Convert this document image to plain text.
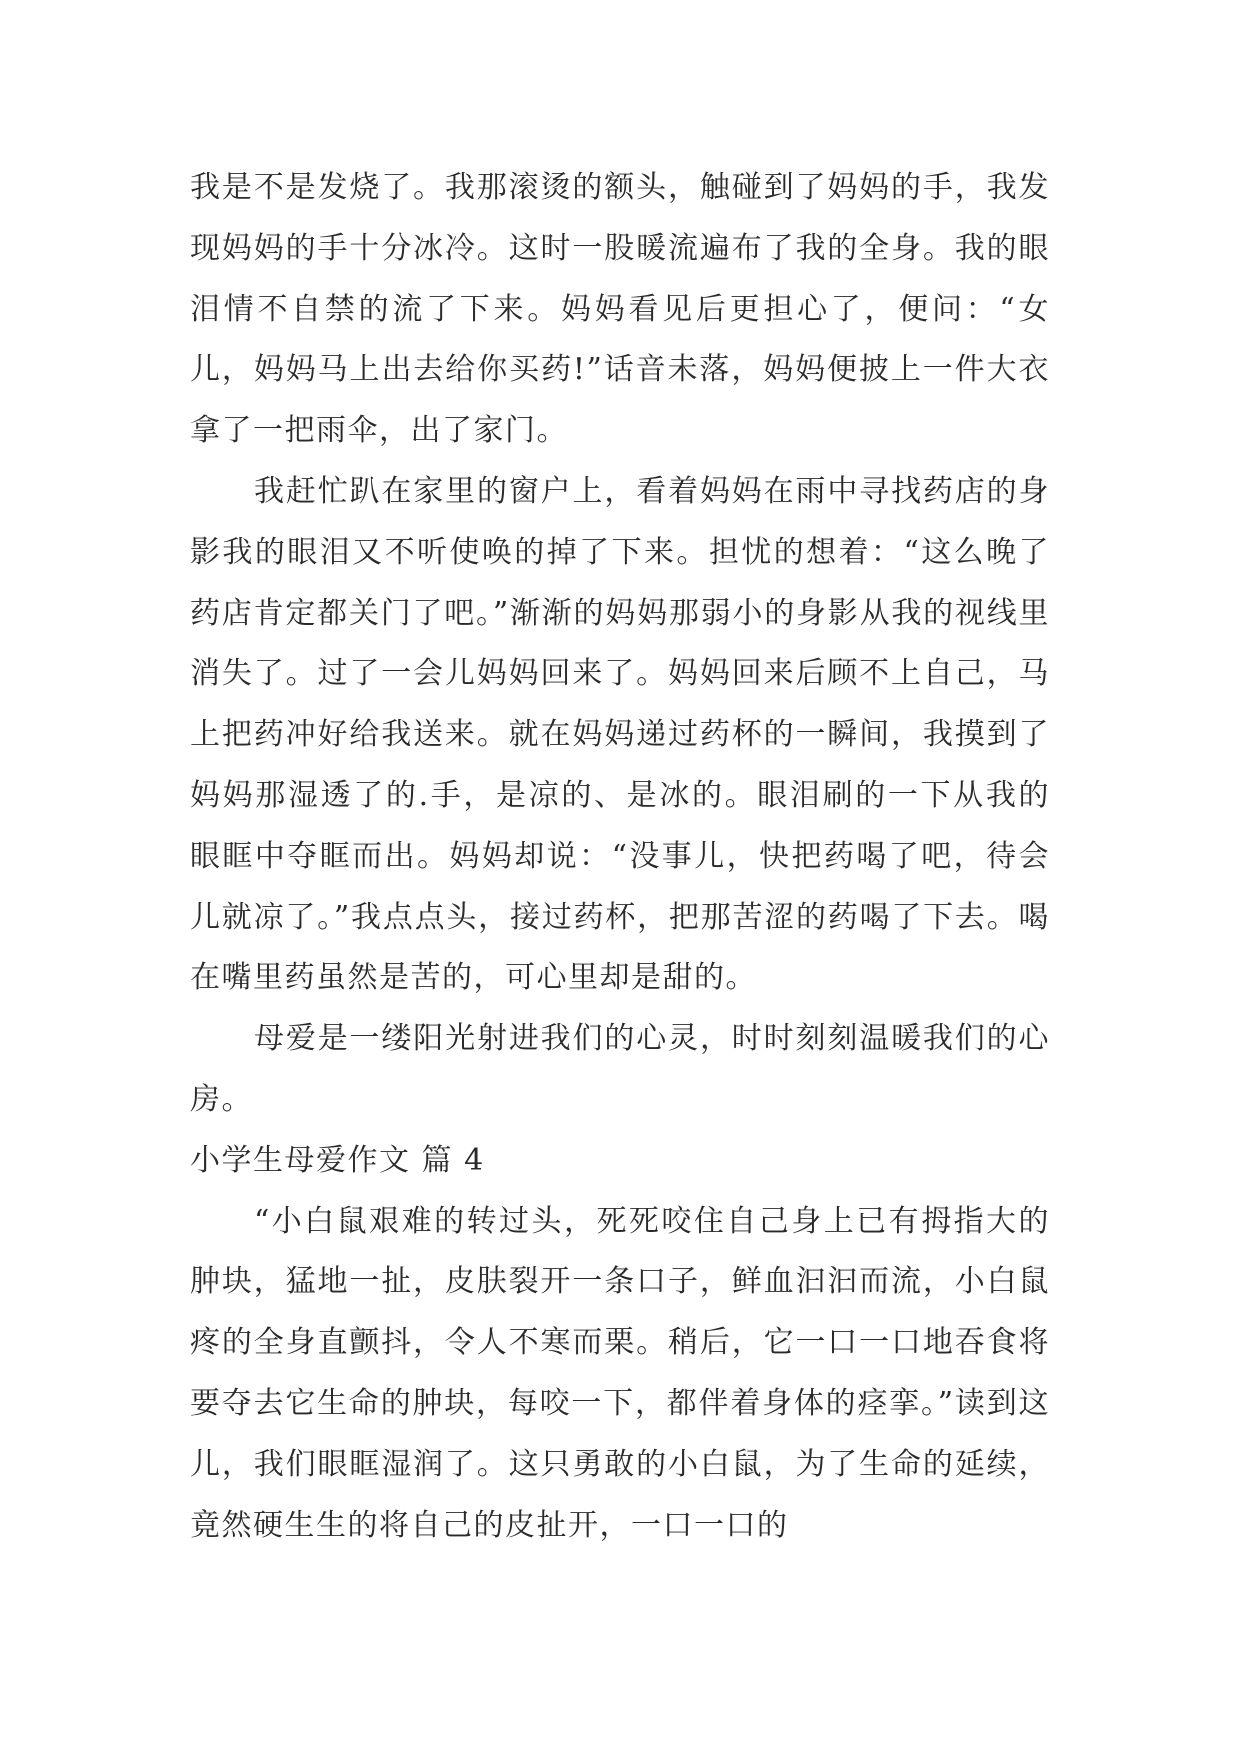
我是不是发烧了。我那滚烫的额头，触碰到了妈妈的手，我发现妈妈的手十分冰冷。这时一股暖流遍布了我的全身。我的眼泪情不自禁的流了下来。妈妈看见后更担心了，便问：“女儿，妈妈马上出去给你买药!”话音未落，妈妈便披上一件大衣拿了一把雨伞，出了家门。

我赶忙趴在家里的窗户上，看着妈妈在雨中寻找药店的身影我的眼泪又不听使唤的掉了下来。担忧的想着：“这么晚了药店肯定都关门了吧。”渐渐的妈妈那弱小的身影从我的视线里消失了。过了一会儿妈妈回来了。妈妈回来后顾不上自己，马上把药冲好给我送来。就在妈妈递过药杯的一瞬间，我摸到了妈妈那湿透了的.手，是凉的、是冰的。眼泪刷的一下从我的眼眶中夺眶而出。妈妈却说：“没事儿，快把药喝了吧，待会儿就凉了。”我点点头，接过药杯，把那苦涩的药喝了下去。喝在嘴里药虽然是苦的，可心里却是甜的。

母爱是一缕阳光射进我们的心灵，时时刻刻温暖我们的心房。

小学生母爱作文 篇 4

“小白鼠艰难的转过头，死死咬住自己身上已有拇指大的肿块，猛地一扯，皮肤裂开一条口子，鲜血汩汩而流，小白鼠疼的全身直颤抖，令人不寒而栗。稍后，它一口一口地吞食将要夺去它生命的肿块，每咬一下，都伴着身体的痉挛。”读到这儿，我们眼眶湿润了。这只勇敢的小白鼠，为了生命的延续，竟然硬生生的将自己的皮扯开，一口一口的
